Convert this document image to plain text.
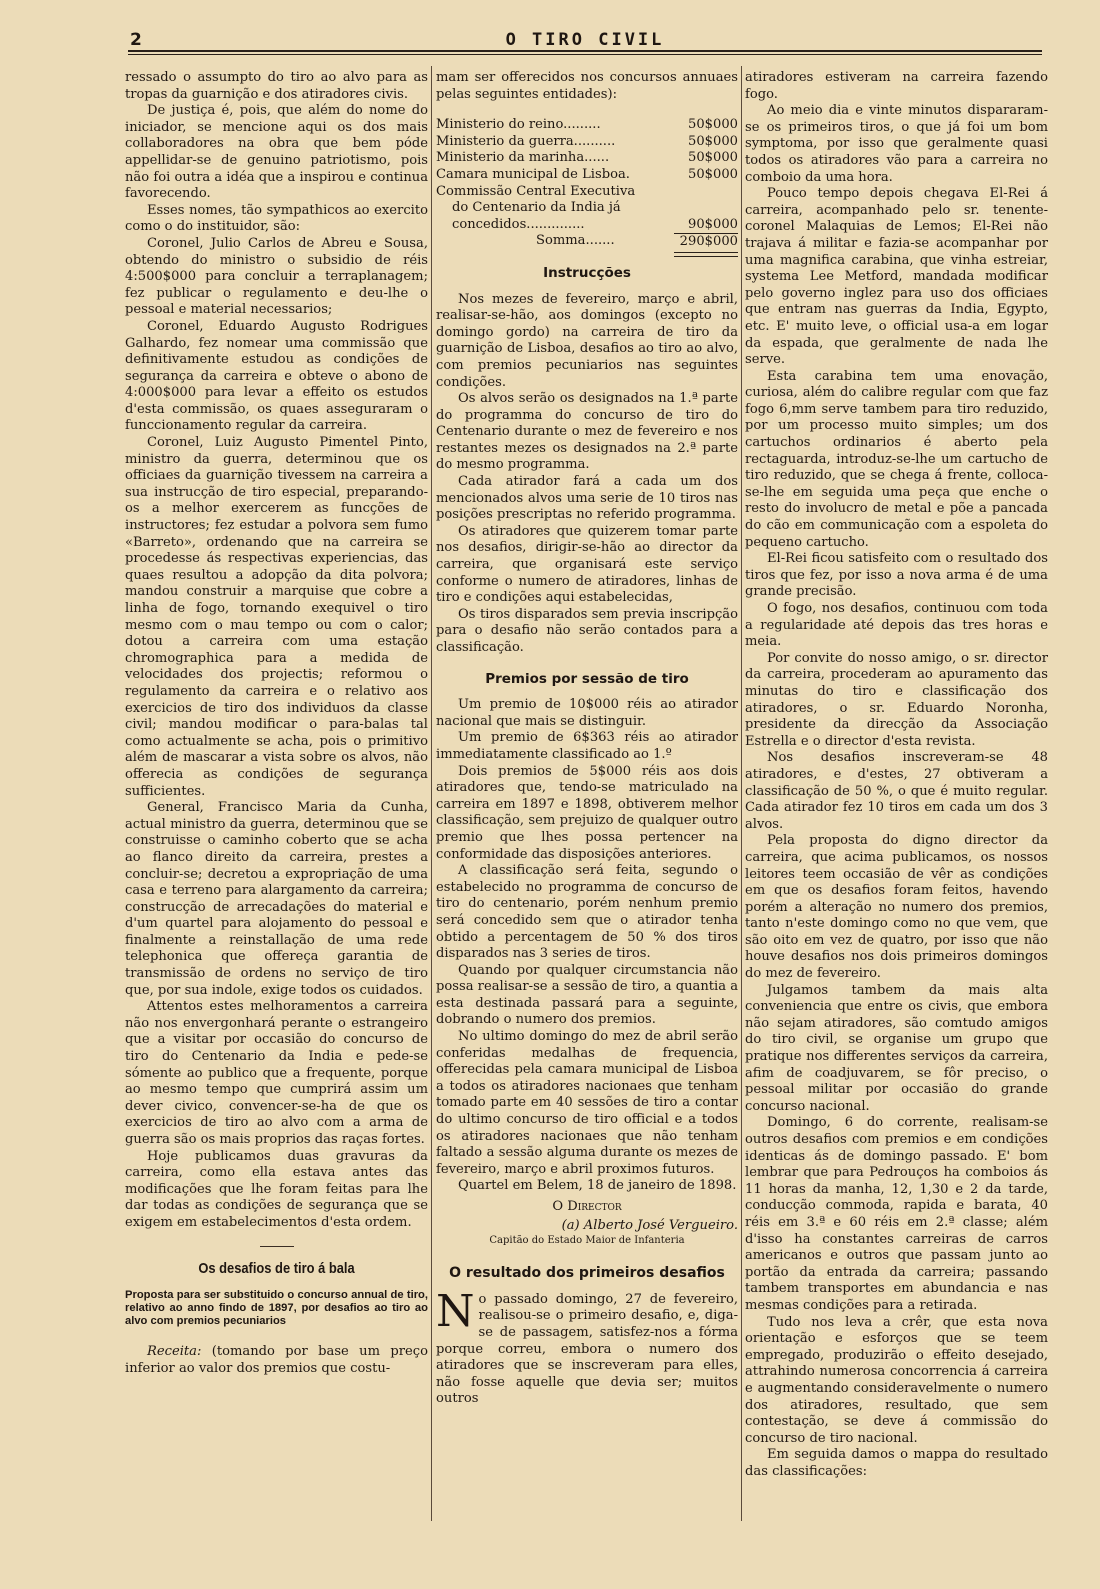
2	O TIRO CIVIL

ressado o assumpto do tiro ao alvo para as tropas da guarnição e dos atiradores civis.

De justiça é, pois, que além do nome do iniciador, se mencione aqui os dos mais collaboradores na obra que bem póde appellidar-se de genuino patriotismo, pois não foi outra a idéa que a inspirou e continua favorecendo.

Esses nomes, tão sympathicos ao exercito como o do instituidor, são:

Coronel, Julio Carlos de Abreu e Sousa, obtendo do ministro o subsidio de réis 4:500$000 para concluir a terraplanagem; fez publicar o regulamento e deu-lhe o pessoal e material necessarios;

Coronel, Eduardo Augusto Rodrigues Galhardo, fez nomear uma commissão que definitivamente estudou as condições de segurança da carreira e obteve o abono de 4:000$000 para levar a effeito os estudos d'esta commissão, os quaes asseguraram o funccionamento regular da carreira.

Coronel, Luiz Augusto Pimentel Pinto, ministro da guerra, determinou que os officiaes da guarnição tivessem na carreira a sua instrucção de tiro especial, preparando-os a melhor exercerem as funcções de instructores; fez estudar a polvora sem fumo «Barreto», ordenando que na carreira se procedesse ás respectivas experiencias, das quaes resultou a adopção da dita polvora; mandou construir a marquise que cobre a linha de fogo, tornando exequivel o tiro mesmo com o mau tempo ou com o calor; dotou a carreira com uma estação chromographica para a medida de velocidades dos projectis; reformou o regulamento da carreira e o relativo aos exercicios de tiro dos individuos da classe civil; mandou modificar o para-balas tal como actualmente se acha, pois o primitivo além de mascarar a vista sobre os alvos, não offerecia as condições de segurança sufficientes.

General, Francisco Maria da Cunha, actual ministro da guerra, determinou que se construisse o caminho coberto que se acha ao flanco direito da carreira, prestes a concluir-se; decretou a expropriação de uma casa e terreno para alargamento da carreira; construcção de arrecadações do material e d'um quartel para alojamento do pessoal e finalmente a reinstallação de uma rede telephonica que offereça garantia de transmissão de ordens no serviço de tiro que, por sua indole, exige todos os cuidados.

Attentos estes melhoramentos a carreira não nos envergonhará perante o estrangeiro que a visitar por occasião do concurso de tiro do Centenario da India e pede-se sómente ao publico que a frequente, porque ao mesmo tempo que cumprirá assim um dever civico, convencer-se-ha de que os exercicios de tiro ao alvo com a arma de guerra são os mais proprios das raças fortes.

Hoje publicamos duas gravuras da carreira, como ella estava antes das modificações que lhe foram feitas para lhe dar todas as condições de segurança que se exigem em estabelecimentos d'esta ordem.

Os desafios de tiro á bala
Proposta para ser substituido o concurso annual de tiro, relativo ao anno findo de 1897, por desafios ao tiro ao alvo com premios pecuniarios

Receita: (tomando por base um preço inferior ao valor dos premios que costu-

mam ser offerecidos nos concursos annuaes pelas seguintes entidades):

Ministerio do reino.........	50$000
Ministerio da guerra..........	50$000
Ministerio da marinha......	50$000
Camara municipal de Lisboa.	50$000
Commissão Central Executiva
do Centenario da India já
concedidos..............	90$000
Somma.......	290$000
Instrucções

Nos mezes de fevereiro, março e abril, realisar-se-hão, aos domingos (excepto no domingo gordo) na carreira de tiro da guarnição de Lisboa, desafios ao tiro ao alvo, com premios pecuniarios nas seguintes condições.

Os alvos serão os designados na 1.ª parte do programma do concurso de tiro do Centenario durante o mez de fevereiro e nos restantes mezes os designados na 2.ª parte do mesmo programma.

Cada atirador fará a cada um dos mencionados alvos uma serie de 10 tiros nas posições prescriptas no referido programma.

Os atiradores que quizerem tomar parte nos desafios, dirigir-se-hão ao director da carreira, que organisará este serviço conforme o numero de atiradores, linhas de tiro e condições aqui estabelecidas,

Os tiros disparados sem previa inscripção para o desafio não serão contados para a classificação.

Premios por sessão de tiro

Um premio de 10$000 réis ao atirador nacional que mais se distinguir.

Um premio de 6$363 réis ao atirador immediatamente classificado ao 1.º

Dois premios de 5$000 réis aos dois atiradores que, tendo-se matriculado na carreira em 1897 e 1898, obtiverem melhor classificação, sem prejuizo de qualquer outro premio que lhes possa pertencer na conformidade das disposições anteriores.

A classificação será feita, segundo o estabelecido no programma de concurso de tiro do centenario, porém nenhum premio será concedido sem que o atirador tenha obtido a percentagem de 50 % dos tiros disparados nas 3 series de tiros.

Quando por qualquer circumstancia não possa realisar-se a sessão de tiro, a quantia a esta destinada passará para a seguinte, dobrando o numero dos premios.

No ultimo domingo do mez de abril serão conferidas medalhas de frequencia, offerecidas pela camara municipal de Lisboa a todos os atiradores nacionaes que tenham tomado parte em 40 sessões de tiro a contar do ultimo concurso de tiro official e a todos os atiradores nacionaes que não tenham faltado a sessão alguma durante os mezes de fevereiro, março e abril proximos futuros.

Quartel em Belem, 18 de janeiro de 1898.

O Director

(a) Alberto José Vergueiro.

Capitão do Estado Maior de Infanteria

O resultado dos primeiros desafios

No passado domingo, 27 de fevereiro, realisou-se o primeiro desafio, e, diga-se de passagem, satisfez-nos a fórma porque correu, embora o numero dos atiradores que se inscreveram para elles, não fosse aquelle que devia ser; muitos outros

atiradores estiveram na carreira fazendo fogo.

Ao meio dia e vinte minutos dispararam-se os primeiros tiros, o que já foi um bom symptoma, por isso que geralmente quasi todos os atiradores vão para a carreira no comboio da uma hora.

Pouco tempo depois chegava El-Rei á carreira, acompanhado pelo sr. tenente-coronel Malaquias de Lemos; El-Rei não trajava á militar e fazia-se acompanhar por uma magnifica carabina, que vinha estreiar, systema Lee Metford, mandada modificar pelo governo inglez para uso dos officiaes que entram nas guerras da India, Egypto, etc. E' muito leve, o official usa-a em logar da espada, que geralmente de nada lhe serve.

Esta carabina tem uma enovação, curiosa, além do calibre regular com que faz fogo 6,mm serve tambem para tiro reduzido, por um processo muito simples; um dos cartuchos ordinarios é aberto pela rectaguarda, introduz-se-lhe um cartucho de tiro reduzido, que se chega á frente, colloca-se-lhe em seguida uma peça que enche o resto do involucro de metal e põe a pancada do cão em communicação com a espoleta do pequeno cartucho.

El-Rei ficou satisfeito com o resultado dos tiros que fez, por isso a nova arma é de uma grande precisão.

O fogo, nos desafios, continuou com toda a regularidade até depois das tres horas e meia.

Por convite do nosso amigo, o sr. director da carreira, procederam ao apuramento das minutas do tiro e classificação dos atiradores, o sr. Eduardo Noronha, presidente da direcção da Associação Estrella e o director d'esta revista.

Nos desafios inscreveram-se 48 atiradores, e d'estes, 27 obtiveram a classificação de 50 %, o que é muito regular. Cada atirador fez 10 tiros em cada um dos 3 alvos.

Pela proposta do digno director da carreira, que acima publicamos, os nossos leitores teem occasião de vêr as condições em que os desafios foram feitos, havendo porém a alteração no numero dos premios, tanto n'este domingo como no que vem, que são oito em vez de quatro, por isso que não houve desafios nos dois primeiros domingos do mez de fevereiro.

Julgamos tambem da mais alta conveniencia que entre os civis, que embora não sejam atiradores, são comtudo amigos do tiro civil, se organise um grupo que pratique nos differentes serviços da carreira, afim de coadjuvarem, se fôr preciso, o pessoal militar por occasião do grande concurso nacional.

Domingo, 6 do corrente, realisam-se outros desafios com premios e em condições identicas ás de domingo passado. E' bom lembrar que para Pedrouços ha comboios ás 11 horas da manha, 12, 1,30 e 2 da tarde, conducção commoda, rapida e barata, 40 réis em 3.ª e 60 réis em 2.ª classe; além d'isso ha constantes carreiras de carros americanos e outros que passam junto ao portão da entrada da carreira; passando tambem transportes em abundancia e nas mesmas condições para a retirada.

Tudo nos leva a crêr, que esta nova orientação e esforços que se teem empregado, produzirão o effeito desejado, attrahindo numerosa concorrencia á carreira e augmentando consideravelmente o numero dos atiradores, resultado, que sem contestação, se deve á commissão do concurso de tiro nacional.

Em seguida damos o mappa do resultado das classificações:
